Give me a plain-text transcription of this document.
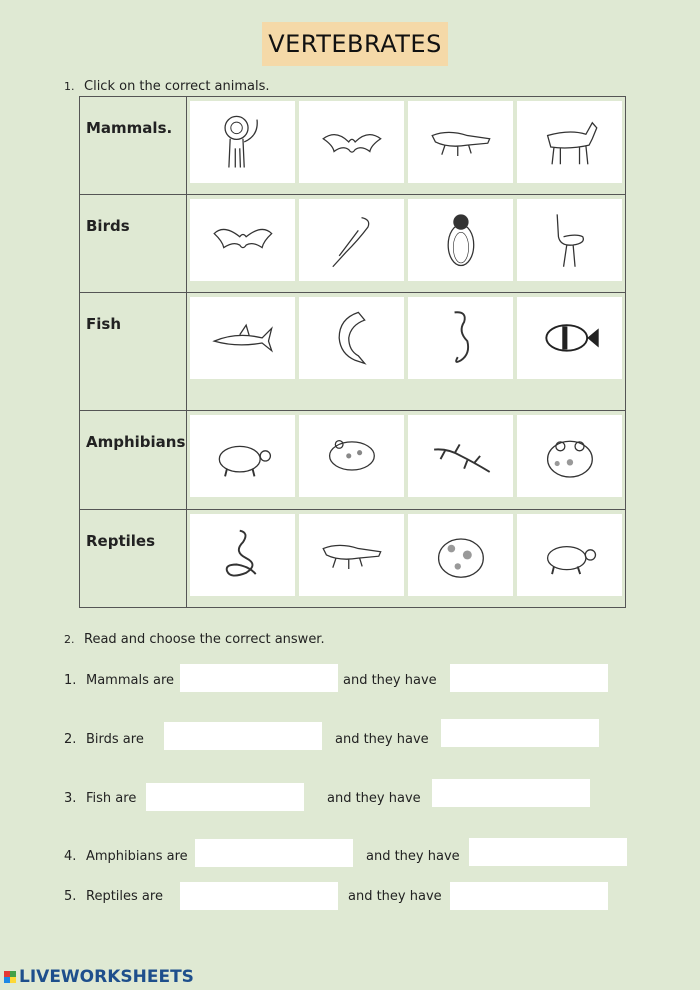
VERTEBRATES
1. Click on the correct animals.
Mammals.	

Birds	

Fish	

Amphibians	

Reptiles	
2. Read and choose the correct answer.
1. Mammals are	and they have
2. Birds are	and they have
3. Fish are	and they have
4. Amphibians are	and they have
5. Reptiles are	and they have
LIVEWORKSHEETS
